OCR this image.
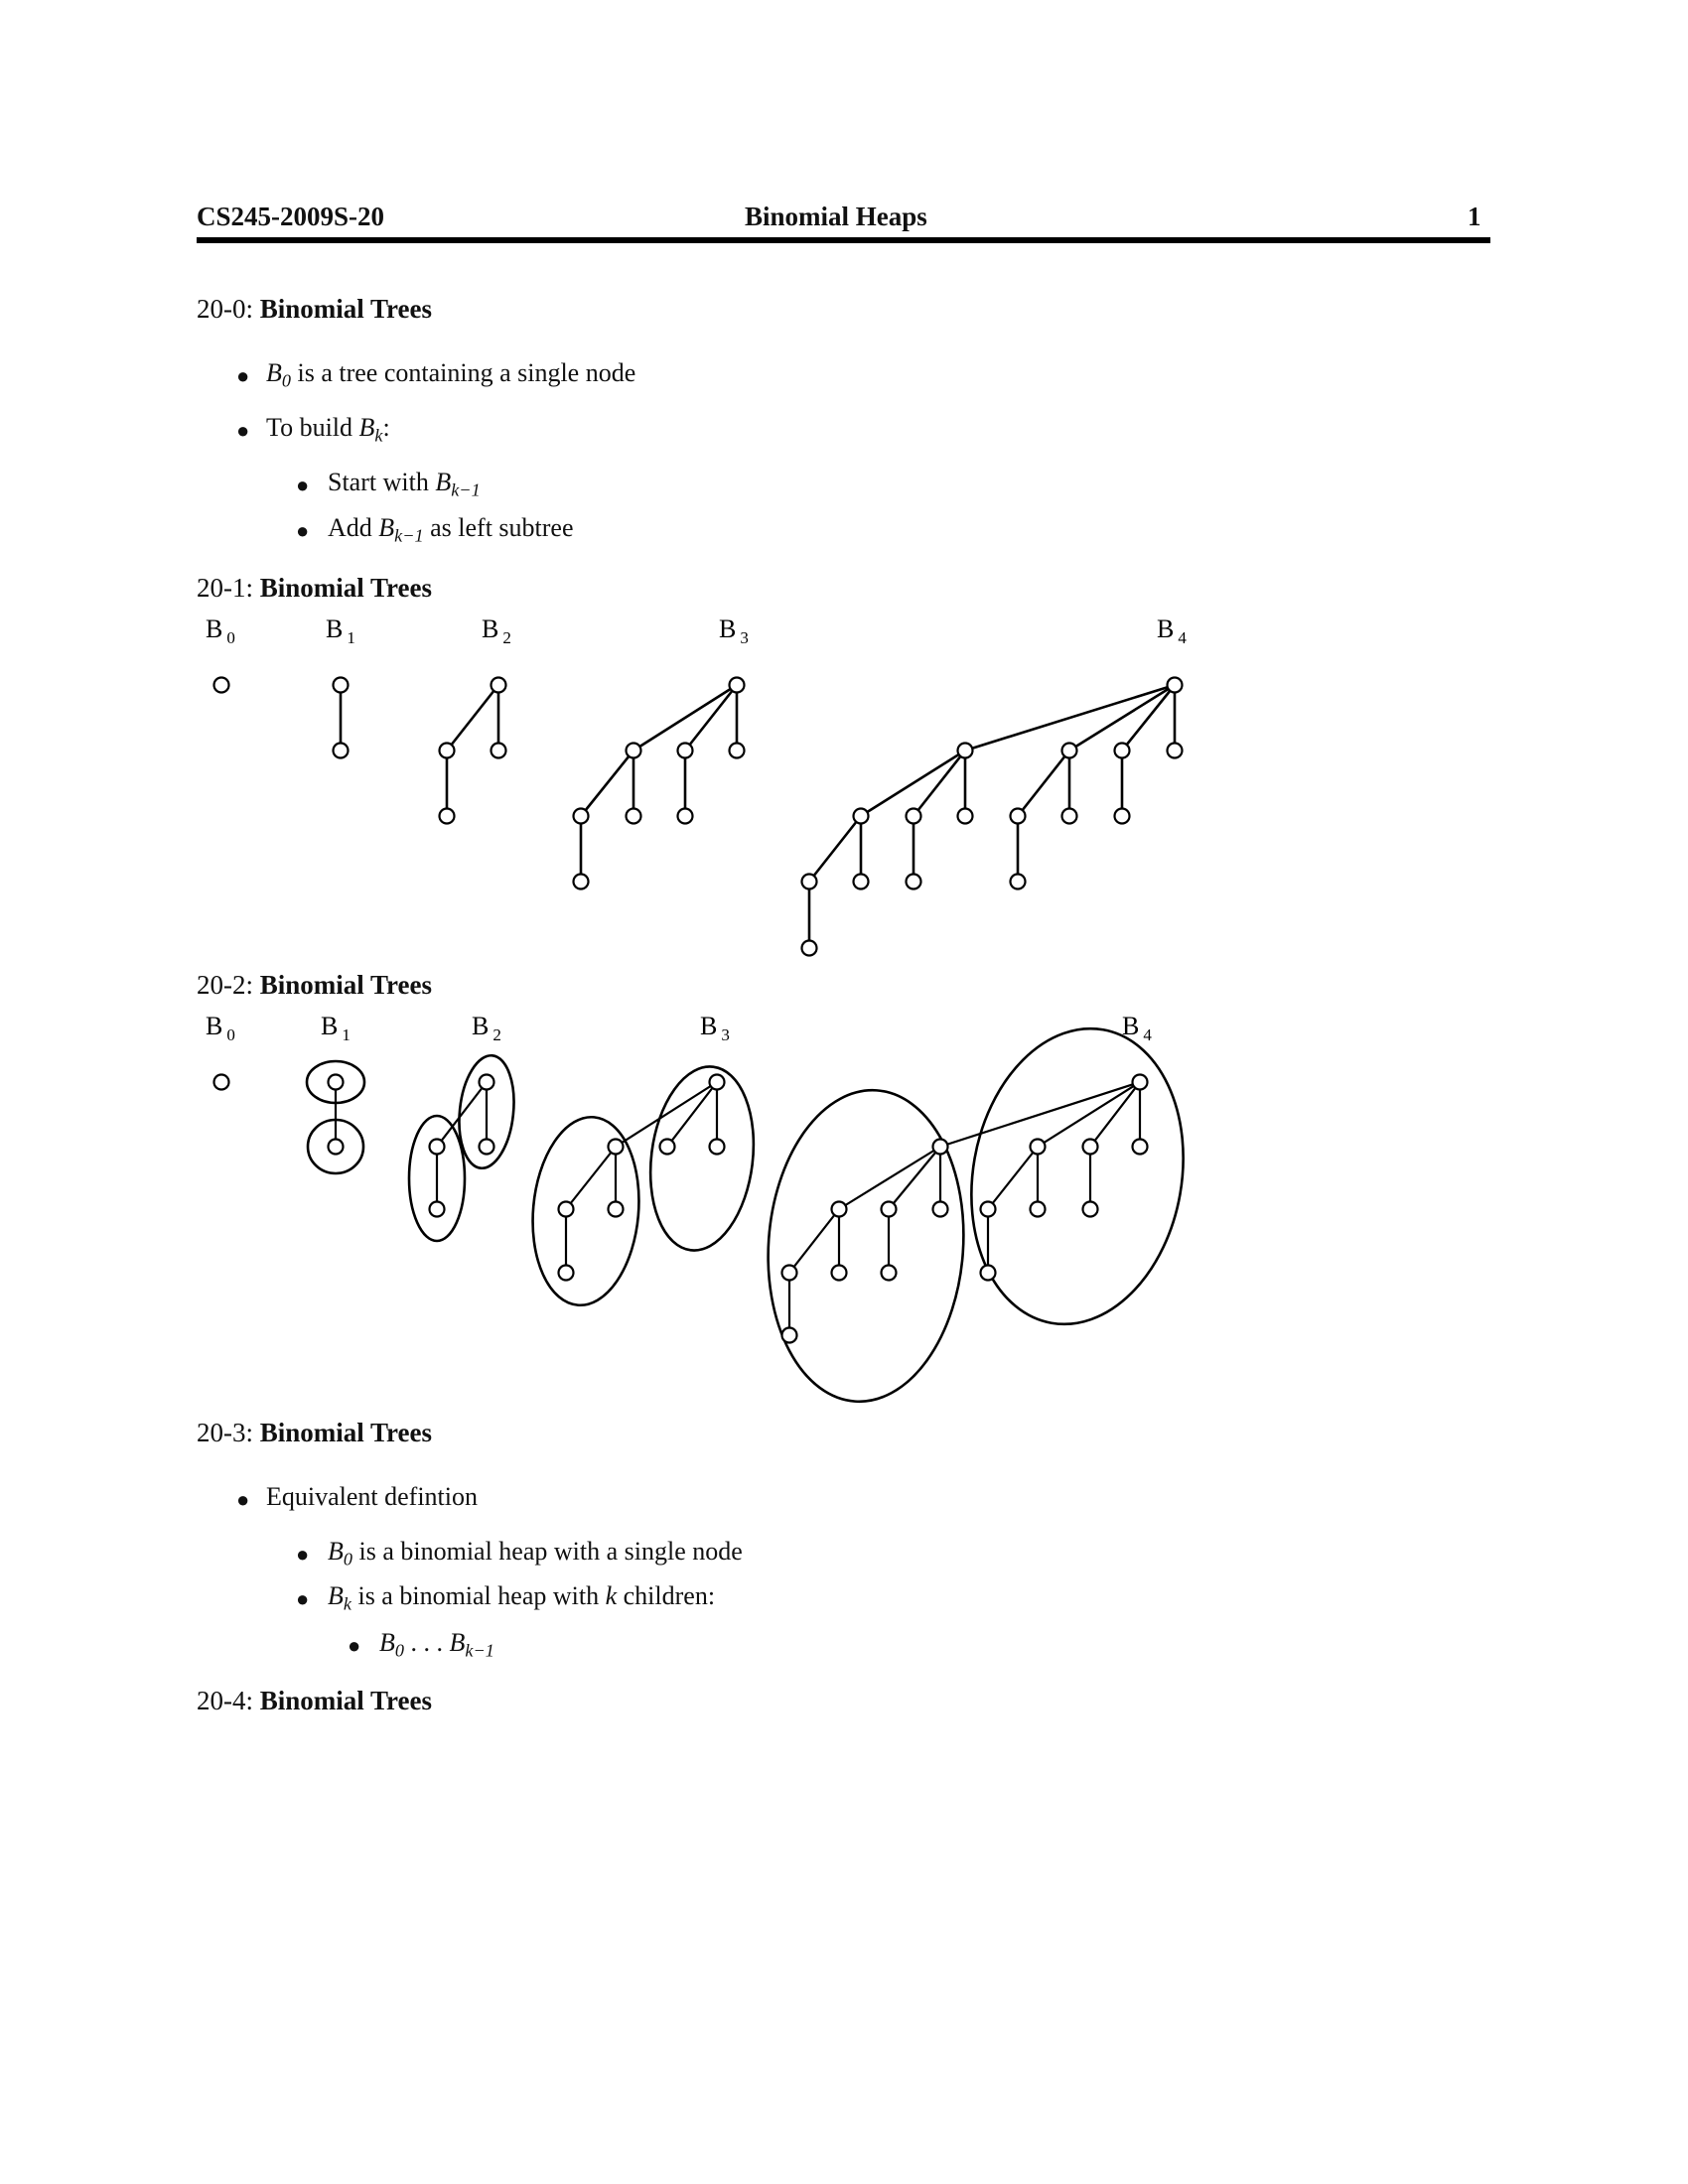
CS245-2009S-20	Binomial Heaps	1
20-0: Binomial Trees
● $B_0$ is a tree containing a single node
● To build $B_k$:
● Start with $B_{k-1}$
● Add $B_{k-1}$ as left subtree
20-1: Binomial Trees
B $_0$	B $_1$	B $_2$	B $_3$	B $_4$
20-2: Binomial Trees
B $_0$	B $_1$	B $_2$	B $_3$	B $_4$
20-3: Binomial Trees
● Equivalent defintion
● $B_0$ is a binomial heap with a single node
● $B_k$ is a binomial heap with k children:
● $B_0$ . . . $B_{k-1}$
20-4: Binomial Trees
